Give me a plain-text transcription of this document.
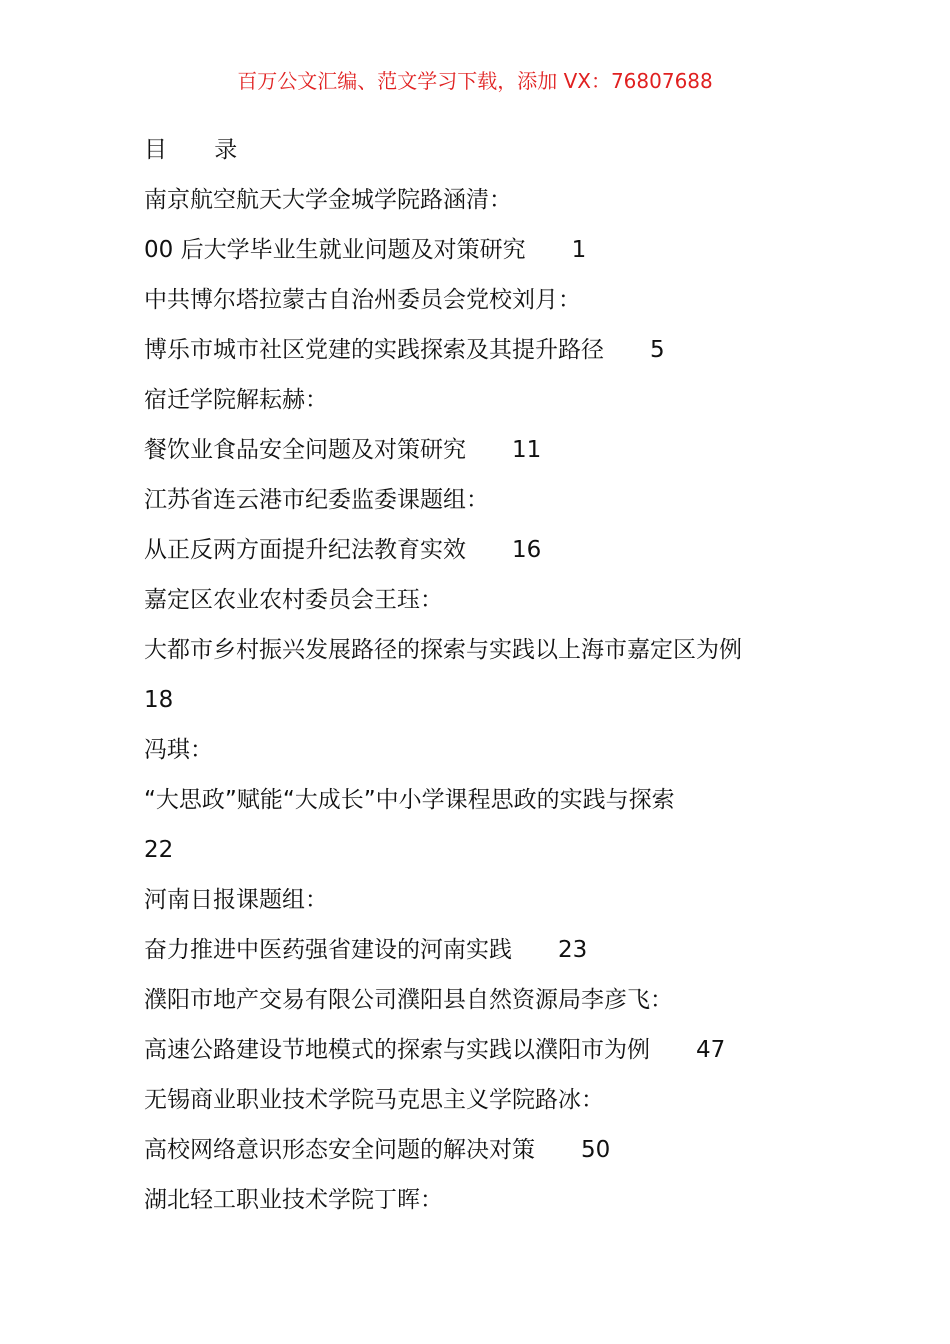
百万公文汇编、范文学习下载，添加 VX：76807688
目 录
南京航空航天大学金城学院路涵清：
00 后大学毕业生就业问题及对策研究 1
中共博尔塔拉蒙古自治州委员会党校刘月：
博乐市城市社区党建的实践探索及其提升路径 5
宿迁学院解耘赫：
餐饮业食品安全问题及对策研究 11
江苏省连云港市纪委监委课题组：
从正反两方面提升纪法教育实效 16
嘉定区农业农村委员会王珏：
大都市乡村振兴发展路径的探索与实践以上海市嘉定区为例
18
冯琪：
“大思政”赋能“大成长”中小学课程思政的实践与探索
22
河南日报课题组：
奋力推进中医药强省建设的河南实践 23
濮阳市地产交易有限公司濮阳县自然资源局李彦飞：
高速公路建设节地模式的探索与实践以濮阳市为例 47
无锡商业职业技术学院马克思主义学院路冰：
高校网络意识形态安全问题的解决对策 50
湖北轻工职业技术学院丁晖：
